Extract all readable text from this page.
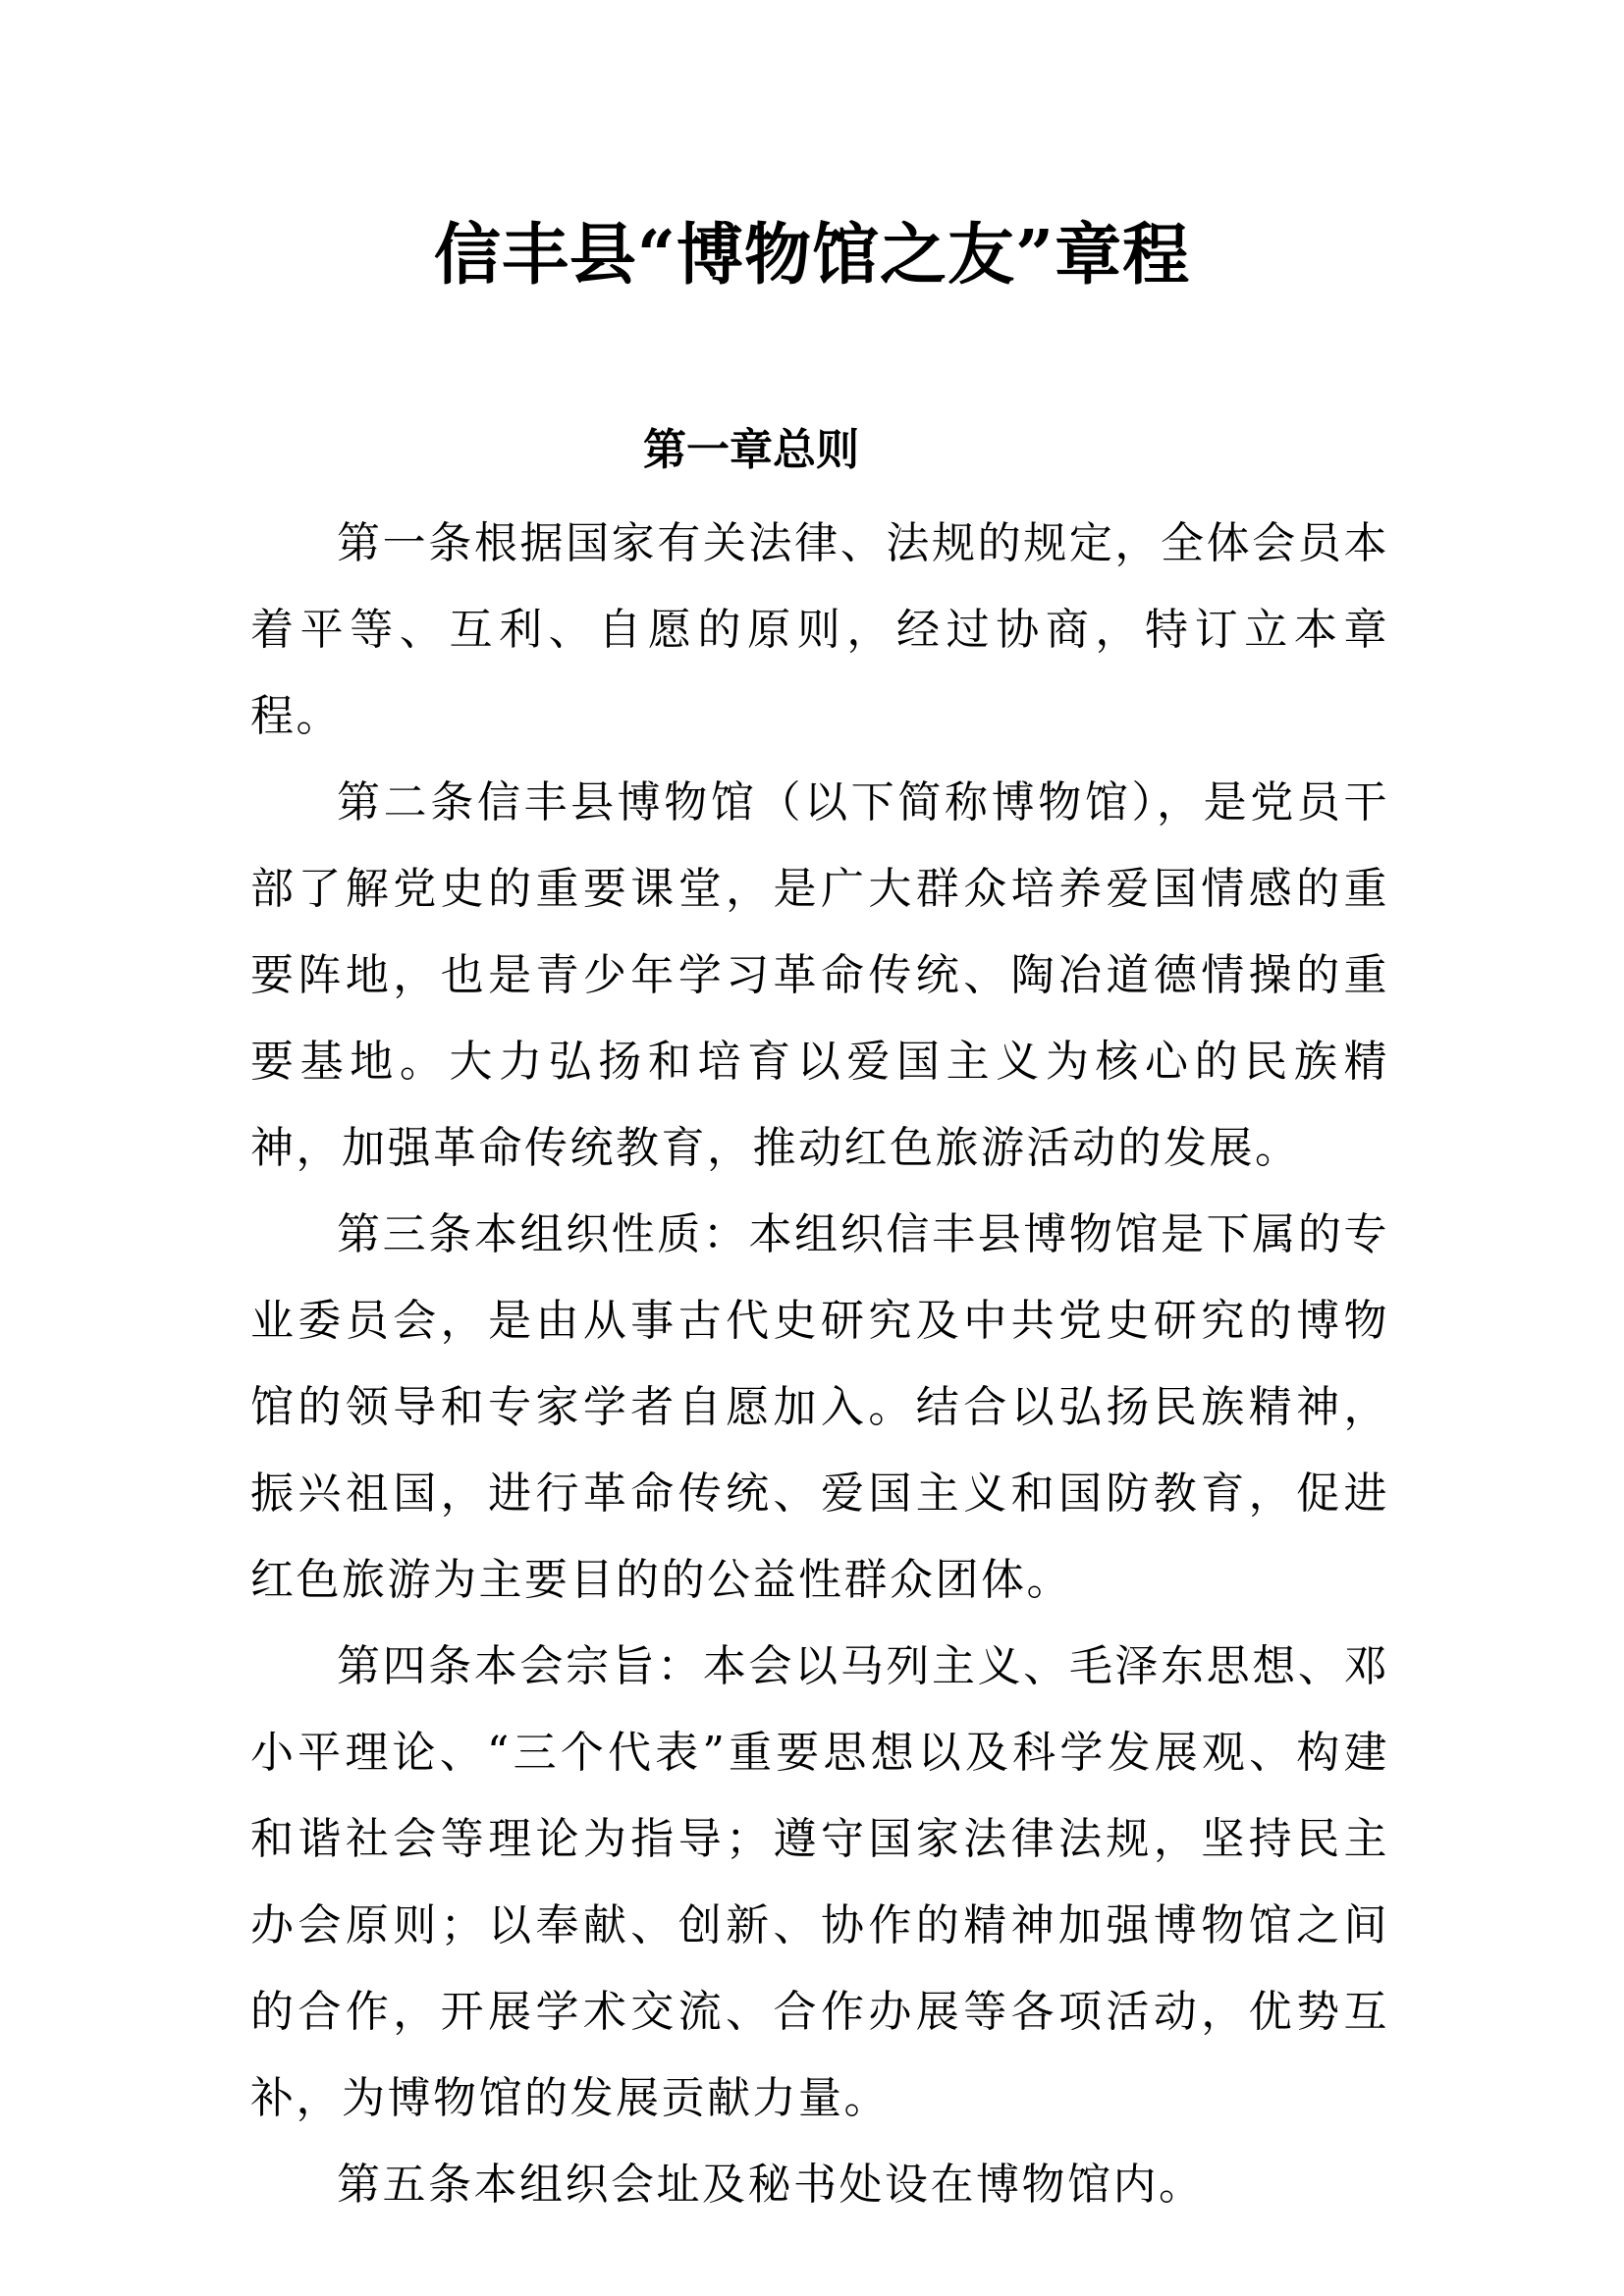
信丰县“博物馆之友”章程
第一章总则

第一条根据国家有关法律、法规的规定，全体会员本着平等、互利、自愿的原则，经过协商，特订立本章程。

第二条信丰县博物馆（以下简称博物馆），是党员干部了解党史的重要课堂，是广大群众培养爱国情感的重要阵地，也是青少年学习革命传统、陶冶道德情操的重要基地。大力弘扬和培育以爱国主义为核心的民族精神，加强革命传统教育，推动红色旅游活动的发展。

第三条本组织性质：本组织信丰县博物馆是下属的专业委员会，是由从事古代史研究及中共党史研究的博物馆的领导和专家学者自愿加入。结合以弘扬民族精神，振兴祖国，进行革命传统、爱国主义和国防教育，促进红色旅游为主要目的的公益性群众团体。

第四条本会宗旨：本会以马列主义、毛泽东思想、邓小平理论、“三个代表”重要思想以及科学发展观、构建和谐社会等理论为指导；遵守国家法律法规，坚持民主办会原则；以奉献、创新、协作的精神加强博物馆之间的合作，开展学术交流、合作办展等各项活动，优势互补，为博物馆的发展贡献力量。

第五条本组织会址及秘书处设在博物馆内。
